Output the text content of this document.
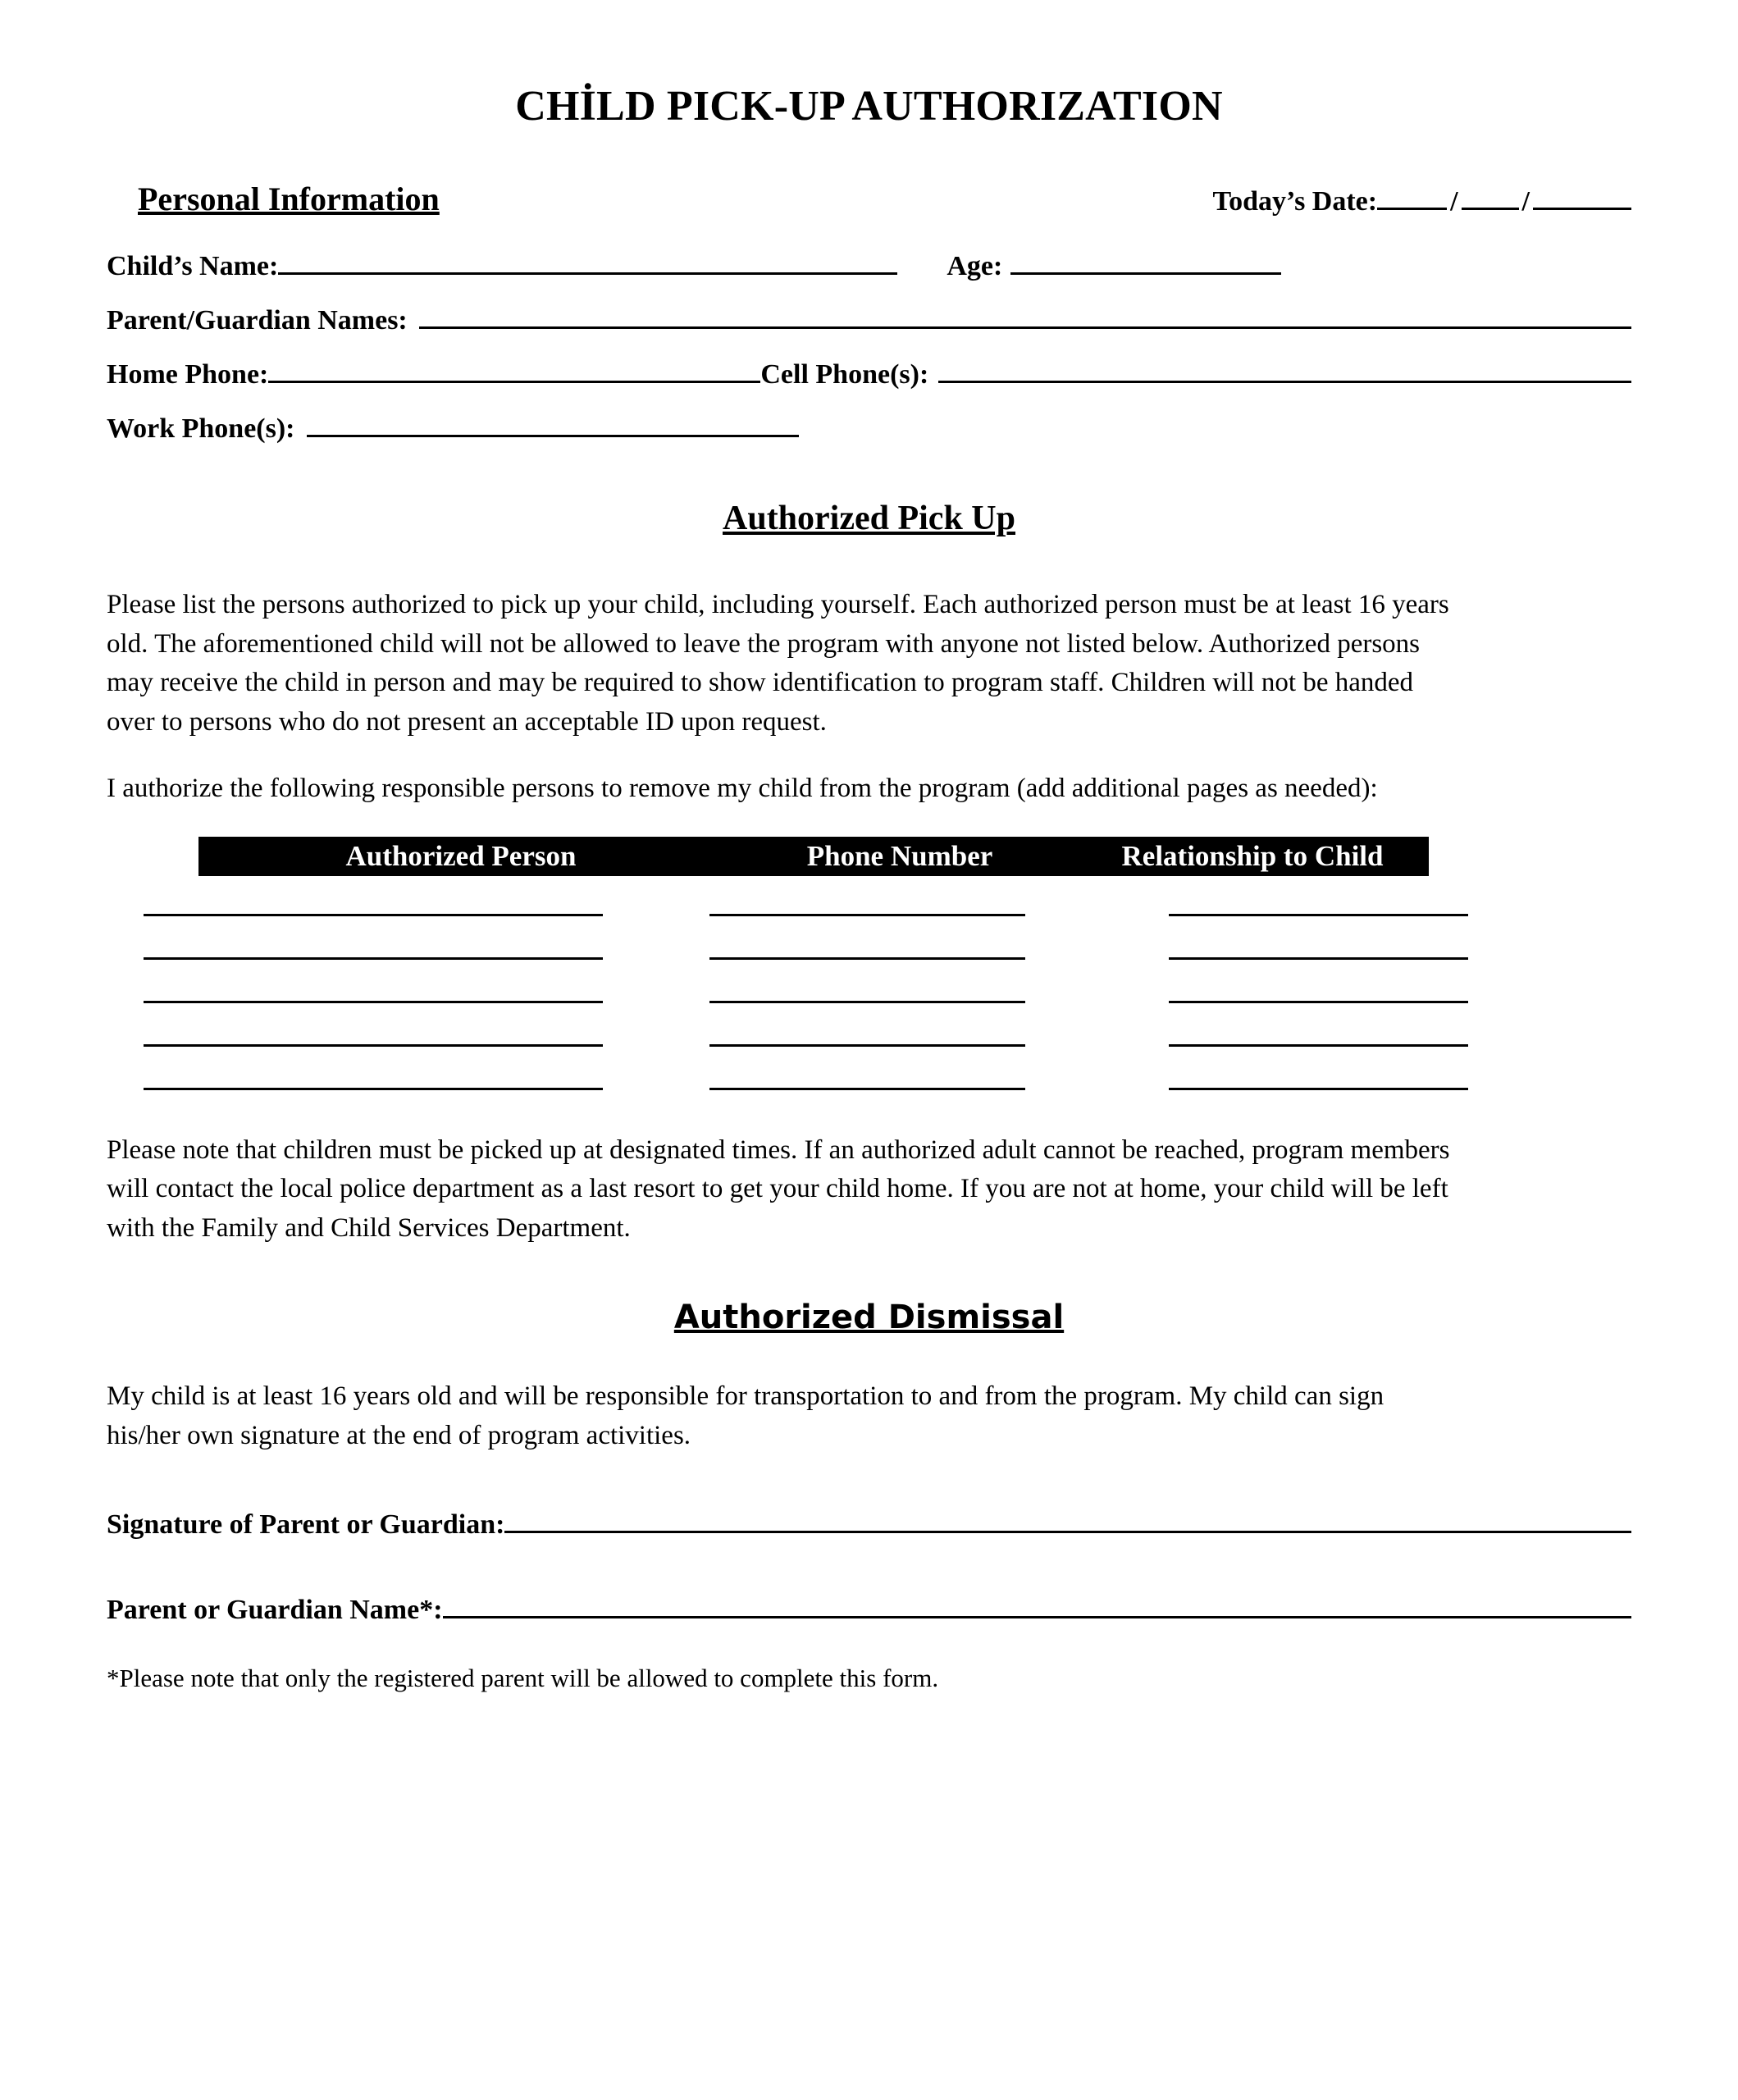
CHİLD PICK-UP AUTHORIZATION
Personal Information	Today’s Date:	/ /
Child’s Name:	Age:
Parent/Guardian Names:
Home Phone:	Cell Phone(s):
Work Phone(s):
Authorized Pick Up

Please list the persons authorized to pick up your child, including yourself. Each authorized person must be at least 16 years old. The aforementioned child will not be allowed to leave the program with anyone not listed below. Authorized persons may receive the child in person and may be required to show identification to program staff. Children will not be handed over to persons who do not present an acceptable ID upon request.

I authorize the following responsible persons to remove my child from the program (add additional pages as needed):

Authorized Person	Phone Number	Relationship to Child

Please note that children must be picked up at designated times. If an authorized adult cannot be reached, program members will contact the local police department as a last resort to get your child home. If you are not at home, your child will be left with the Family and Child Services Department.

Authorized Dismissal

My child is at least 16 years old and will be responsible for transportation to and from the program. My child can sign his/her own signature at the end of program activities.

Signature of Parent or Guardian:
Parent or Guardian Name*:
*Please note that only the registered parent will be allowed to complete this form.
